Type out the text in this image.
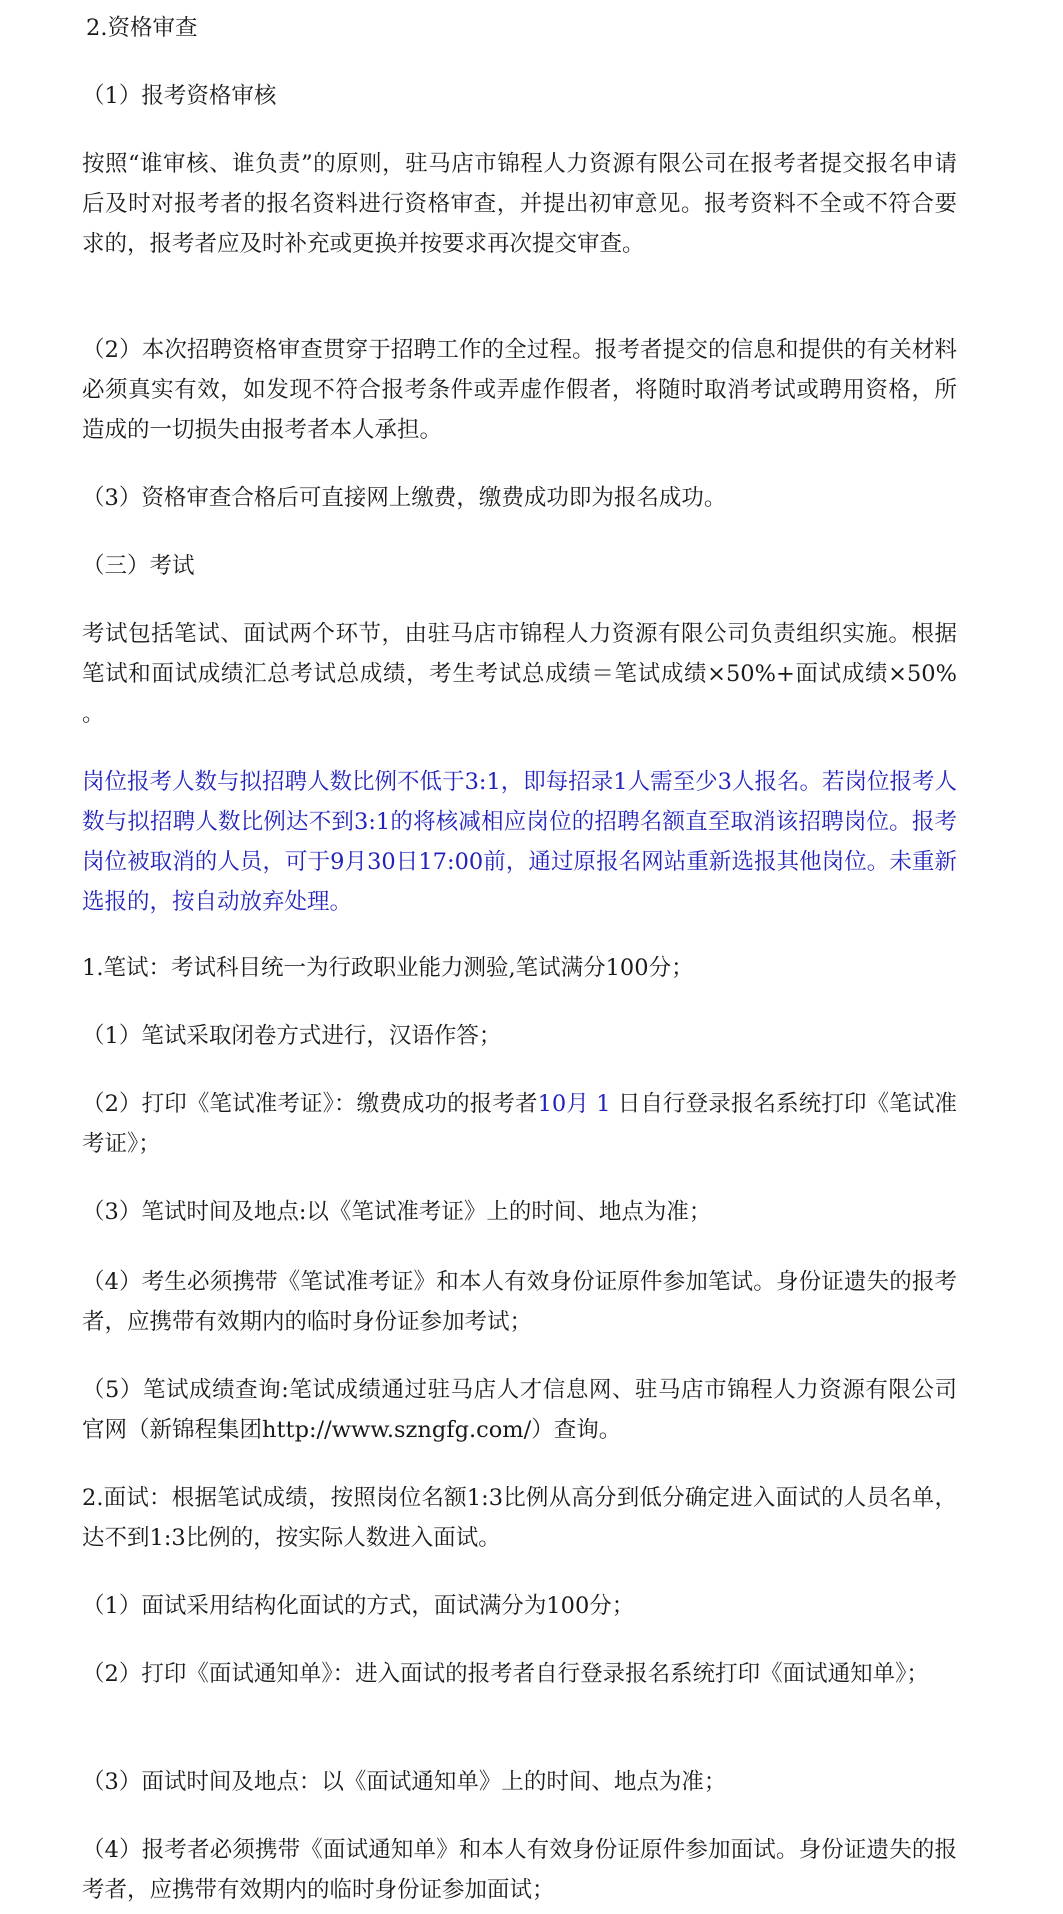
2.资格审查

（1）报考资格审核

按照“谁审核、谁负责”的原则，驻马店市锦程人力资源有限公司在报考者提交报名申请后及时对报考者的报名资料进行资格审查，并提出初审意见。报考资料不全或不符合要求的，报考者应及时补充或更换并按要求再次提交审查。

（2）本次招聘资格审查贯穿于招聘工作的全过程。报考者提交的信息和提供的有关材料必须真实有效，如发现不符合报考条件或弄虚作假者，将随时取消考试或聘用资格，所造成的一切损失由报考者本人承担。

（3）资格审查合格后可直接网上缴费，缴费成功即为报名成功。

（三）考试

考试包括笔试、面试两个环节，由驻马店市锦程人力资源有限公司负责组织实施。根据笔试和面试成绩汇总考试总成绩，考生考试总成绩＝笔试成绩×50%+面试成绩×50% 。

岗位报考人数与拟招聘人数比例不低于3:1，即每招录1人需至少3人报名。若岗位报考人数与拟招聘人数比例达不到3:1的将核减相应岗位的招聘名额直至取消该招聘岗位。报考岗位被取消的人员，可于9月30日17:00前，通过原报名网站重新选报其他岗位。未重新选报的，按自动放弃处理。

1.笔试：考试科目统一为行政职业能力测验,笔试满分100分；

（1）笔试采取闭卷方式进行，汉语作答；

（2）打印《笔试准考证》：缴费成功的报考者10月 1 日自行登录报名系统打印《笔试准考证》；

（3）笔试时间及地点:以《笔试准考证》上的时间、地点为准；

（4）考生必须携带《笔试准考证》和本人有效身份证原件参加笔试。身份证遗失的报考者，应携带有效期内的临时身份证参加考试；

（5）笔试成绩查询:笔试成绩通过驻马店人才信息网、驻马店市锦程人力资源有限公司官网（新锦程集团http://www.szngfg.com/）查询。

2.面试：根据笔试成绩，按照岗位名额1:3比例从高分到低分确定进入面试的人员名单，达不到1:3比例的，按实际人数进入面试。

（1）面试采用结构化面试的方式，面试满分为100分；

（2）打印《面试通知单》：进入面试的报考者自行登录报名系统打印《面试通知单》；

（3）面试时间及地点：以《面试通知单》上的时间、地点为准；

（4）报考者必须携带《面试通知单》和本人有效身份证原件参加面试。身份证遗失的报考者，应携带有效期内的临时身份证参加面试；
